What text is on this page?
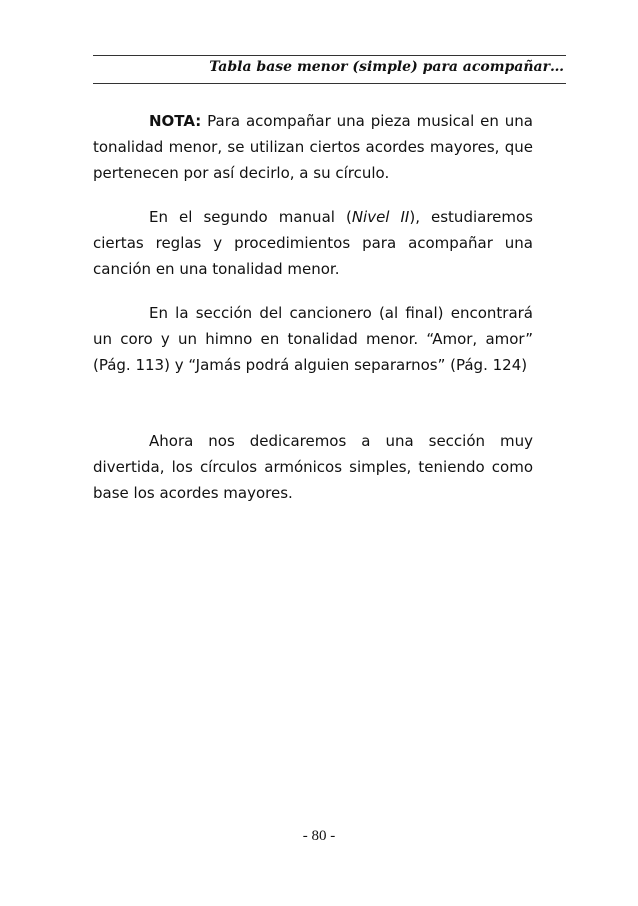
Tabla base menor (simple) para acompañar…

NOTA: Para acompañar una pieza musical en una tonalidad menor, se utilizan ciertos acordes mayores, que pertenecen por así decirlo, a su círculo.

En el segundo manual (Nivel II), estudiaremos ciertas reglas y procedimientos para acompañar una canción en una tonalidad menor.

En la sección del cancionero (al final) encontrará un coro y un himno en tonalidad menor. “Amor, amor” (Pág. 113) y “Jamás podrá alguien separarnos” (Pág. 124)

Ahora nos dedicaremos a una sección muy divertida, los círculos armónicos simples, teniendo como base los acordes mayores.

- 80 -
